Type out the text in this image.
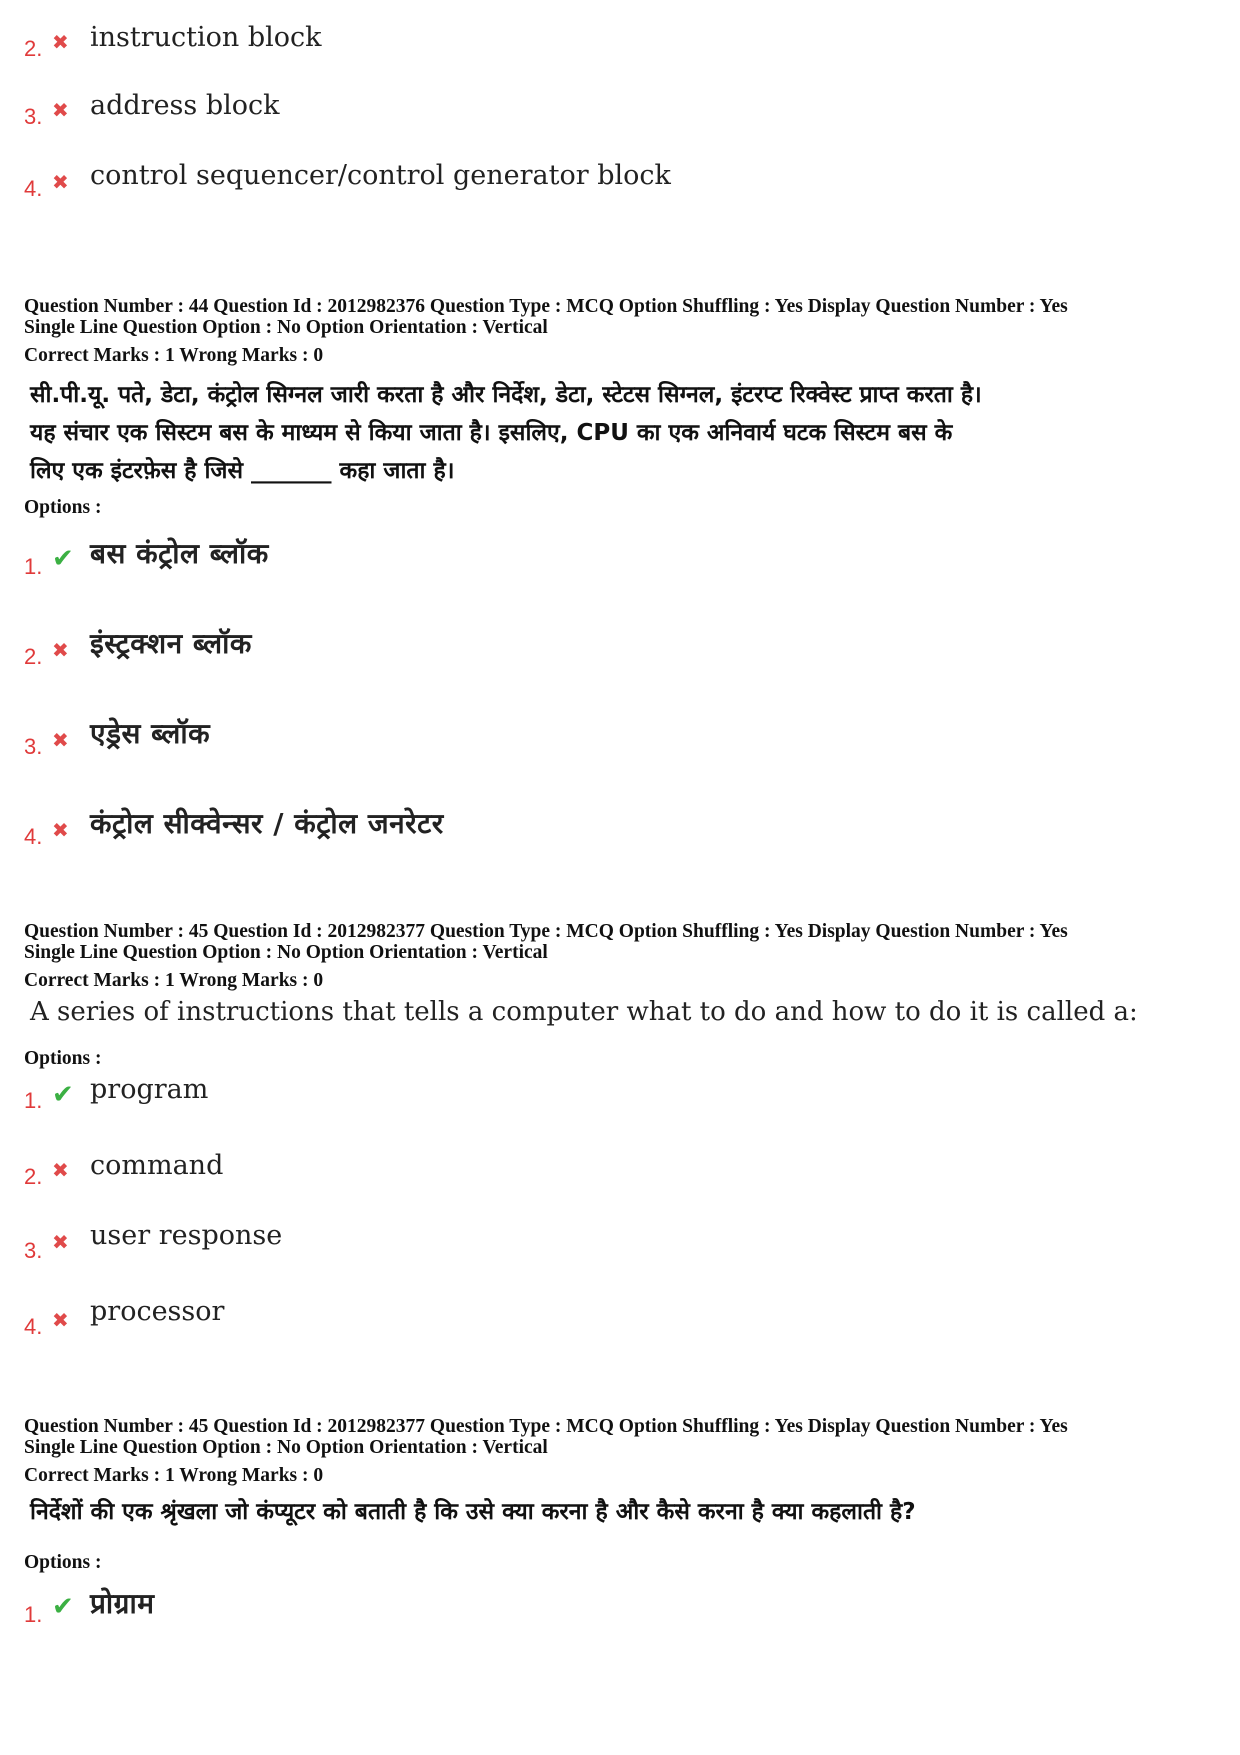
2. ✖ instruction block
3. ✖ address block
4. ✖ control sequencer/control generator block
Question Number : 44 Question Id : 2012982376 Question Type : MCQ Option Shuffling : Yes Display Question Number : Yes
Single Line Question Option : No Option Orientation : Vertical
Correct Marks : 1 Wrong Marks : 0
सी.पी.यू. पते, डेटा, कंट्रोल सिग्नल जारी करता है और निर्देश, डेटा, स्टेटस सिग्नल, इंटरप्ट रिक्वेस्ट प्राप्त करता है।
यह संचार एक सिस्टम बस के माध्यम से किया जाता है। इसलिए, CPU का एक अनिवार्य घटक सिस्टम बस के
लिए एक इंटरफ़ेस है जिसे _______ कहा जाता है।
Options :
1. ✔ बस कंट्रोल ब्लॉक
2. ✖ इंस्ट्रक्शन ब्लॉक
3. ✖ एड्रेस ब्लॉक
4. ✖ कंट्रोल सीक्वेन्सर / कंट्रोल जनरेटर
Question Number : 45 Question Id : 2012982377 Question Type : MCQ Option Shuffling : Yes Display Question Number : Yes
Single Line Question Option : No Option Orientation : Vertical
Correct Marks : 1 Wrong Marks : 0
A series of instructions that tells a computer what to do and how to do it is called a:
Options :
1. ✔ program
2. ✖ command
3. ✖ user response
4. ✖ processor
Question Number : 45 Question Id : 2012982377 Question Type : MCQ Option Shuffling : Yes Display Question Number : Yes
Single Line Question Option : No Option Orientation : Vertical
Correct Marks : 1 Wrong Marks : 0
निर्देशों की एक श्रृंखला जो कंप्यूटर को बताती है कि उसे क्या करना है और कैसे करना है क्या कहलाती है?
Options :
1. ✔ प्रोग्राम
